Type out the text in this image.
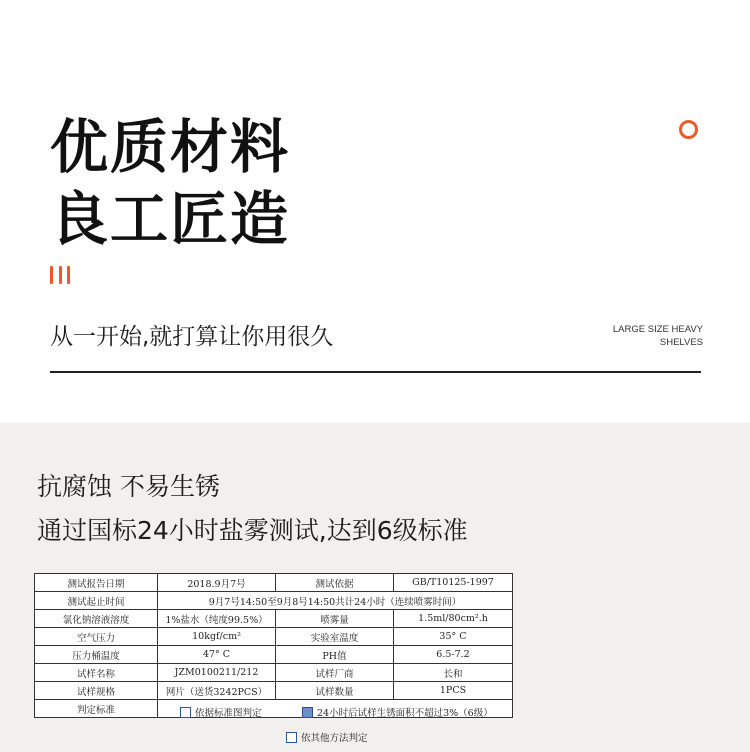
优质材料
良工匠造
从一开始,就打算让你用很久	LARGE SIZE HEAVY
SHELVES
抗腐蚀 不易生锈
通过国标24小时盐雾测试,达到6级标准
测试报告日期	2018.9月7号	测试依据	GB/T10125-1997
测试起止时间	9月7号14:50至9月8号14:50共计24小时（连续喷雾时间）		
氯化钠溶液溶度	1%盐水（纯度99.5%）	喷雾量	1.5ml/80cm².h
空气压力	10kgf/cm²	实验室温度	35° C
压力桶温度	47° C	PH值	6.5-7.2
试样名称	JZM0100211/212	试样厂商	长和
试样规格	网片（送货3242PCS）	试样数量	1PCS
判定标准	依据标准图判定 24小时后试样生锈面积不超过3%（6级）
依其他方法判定		
